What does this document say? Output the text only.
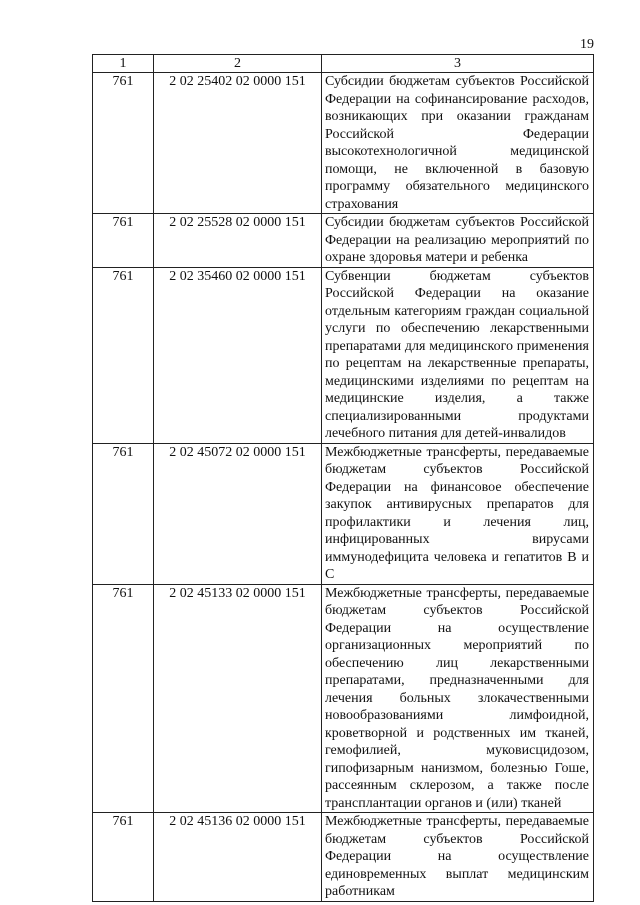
19
1	2	3
761	2 02 25402 02 0000 151	Субсидии бюджетам субъектов Российской Федерации на софинансирование расходов, возникающих при оказании гражданам Российской Федерации высокотехнологичной медицинской помощи, не включенной в базовую программу обязательного медицинского страхования
761	2 02 25528 02 0000 151	Субсидии бюджетам субъектов Российской Федерации на реализацию мероприятий по охране здоровья матери и ребенка
761	2 02 35460 02 0000 151	Субвенции бюджетам субъектов Российской Федерации на оказание отдельным категориям граждан социальной услуги по обеспечению лекарственными препаратами для медицинского применения по рецептам на лекарственные препараты, медицинскими изделиями по рецептам на медицинские изделия, а также специализированными продуктами лечебного питания для детей-инвалидов
761	2 02 45072 02 0000 151	Межбюджетные трансферты, передаваемые бюджетам субъектов Российской Федерации на финансовое обеспечение закупок антивирусных препаратов для профилактики и лечения лиц, инфицированных вирусами иммунодефицита человека и гепатитов В и С
761	2 02 45133 02 0000 151	Межбюджетные трансферты, передаваемые бюджетам субъектов Российской Федерации на осуществление организационных мероприятий по обеспечению лиц лекарственными препаратами, предназначенными для лечения больных злокачественными новообразованиями лимфоидной, кроветворной и родственных им тканей, гемофилией, муковисцидозом, гипофизарным нанизмом, болезнью Гоше, рассеянным склерозом, а также после трансплантации органов и (или) тканей
761	2 02 45136 02 0000 151	Межбюджетные трансферты, передаваемые бюджетам субъектов Российской Федерации на осуществление единовременных выплат медицинским работникам
